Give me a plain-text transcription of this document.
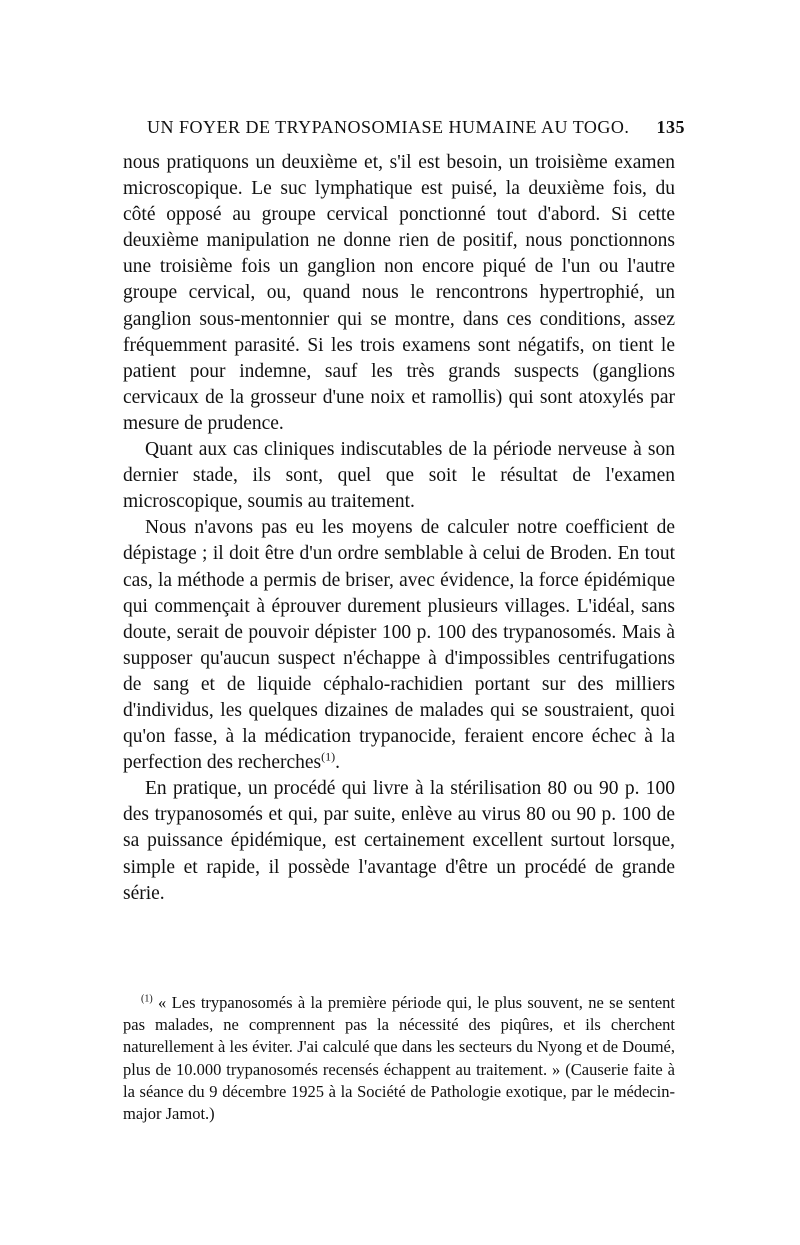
UN FOYER DE TRYPANOSOMIASE HUMAINE AU TOGO. 135

nous pratiquons un deuxième et, s'il est besoin, un troisième examen microscopique. Le suc lymphatique est puisé, la deuxième fois, du côté opposé au groupe cervical ponctionné tout d'abord. Si cette deuxième manipulation ne donne rien de positif, nous ponctionnons une troisième fois un ganglion non encore piqué de l'un ou l'autre groupe cervical, ou, quand nous le rencontrons hypertrophié, un ganglion sous-mentonnier qui se montre, dans ces conditions, assez fréquemment parasité. Si les trois examens sont négatifs, on tient le patient pour indemne, sauf les très grands suspects (ganglions cervicaux de la grosseur d'une noix et ramollis) qui sont atoxylés par mesure de prudence.

Quant aux cas cliniques indiscutables de la période nerveuse à son dernier stade, ils sont, quel que soit le résultat de l'examen microscopique, soumis au traitement.

Nous n'avons pas eu les moyens de calculer notre coefficient de dépistage ; il doit être d'un ordre semblable à celui de Broden. En tout cas, la méthode a permis de briser, avec évidence, la force épidémique qui commençait à éprouver durement plusieurs villages. L'idéal, sans doute, serait de pouvoir dépister 100 p. 100 des trypanosomés. Mais à supposer qu'aucun suspect n'échappe à d'impossibles centrifugations de sang et de liquide céphalo-rachidien portant sur des milliers d'individus, les quelques dizaines de malades qui se soustraient, quoi qu'on fasse, à la médication trypanocide, feraient encore échec à la perfection des recherches$^{(1)}$.

En pratique, un procédé qui livre à la stérilisation 80 ou 90 p. 100 des trypanosomés et qui, par suite, enlève au virus 80 ou 90 p. 100 de sa puissance épidémique, est certainement excellent surtout lorsque, simple et rapide, il possède l'avantage d'être un procédé de grande série.

$^{(1)}$ « Les trypanosomés à la première période qui, le plus souvent, ne se sentent pas malades, ne comprennent pas la nécessité des piqûres, et ils cherchent naturellement à les éviter. J'ai calculé que dans les secteurs du Nyong et de Doumé, plus de 10.000 trypanosomés recensés échappent au traitement. » (Causerie faite à la séance du 9 décembre 1925 à la Société de Pathologie exotique, par le médecin-major Jamot.)
